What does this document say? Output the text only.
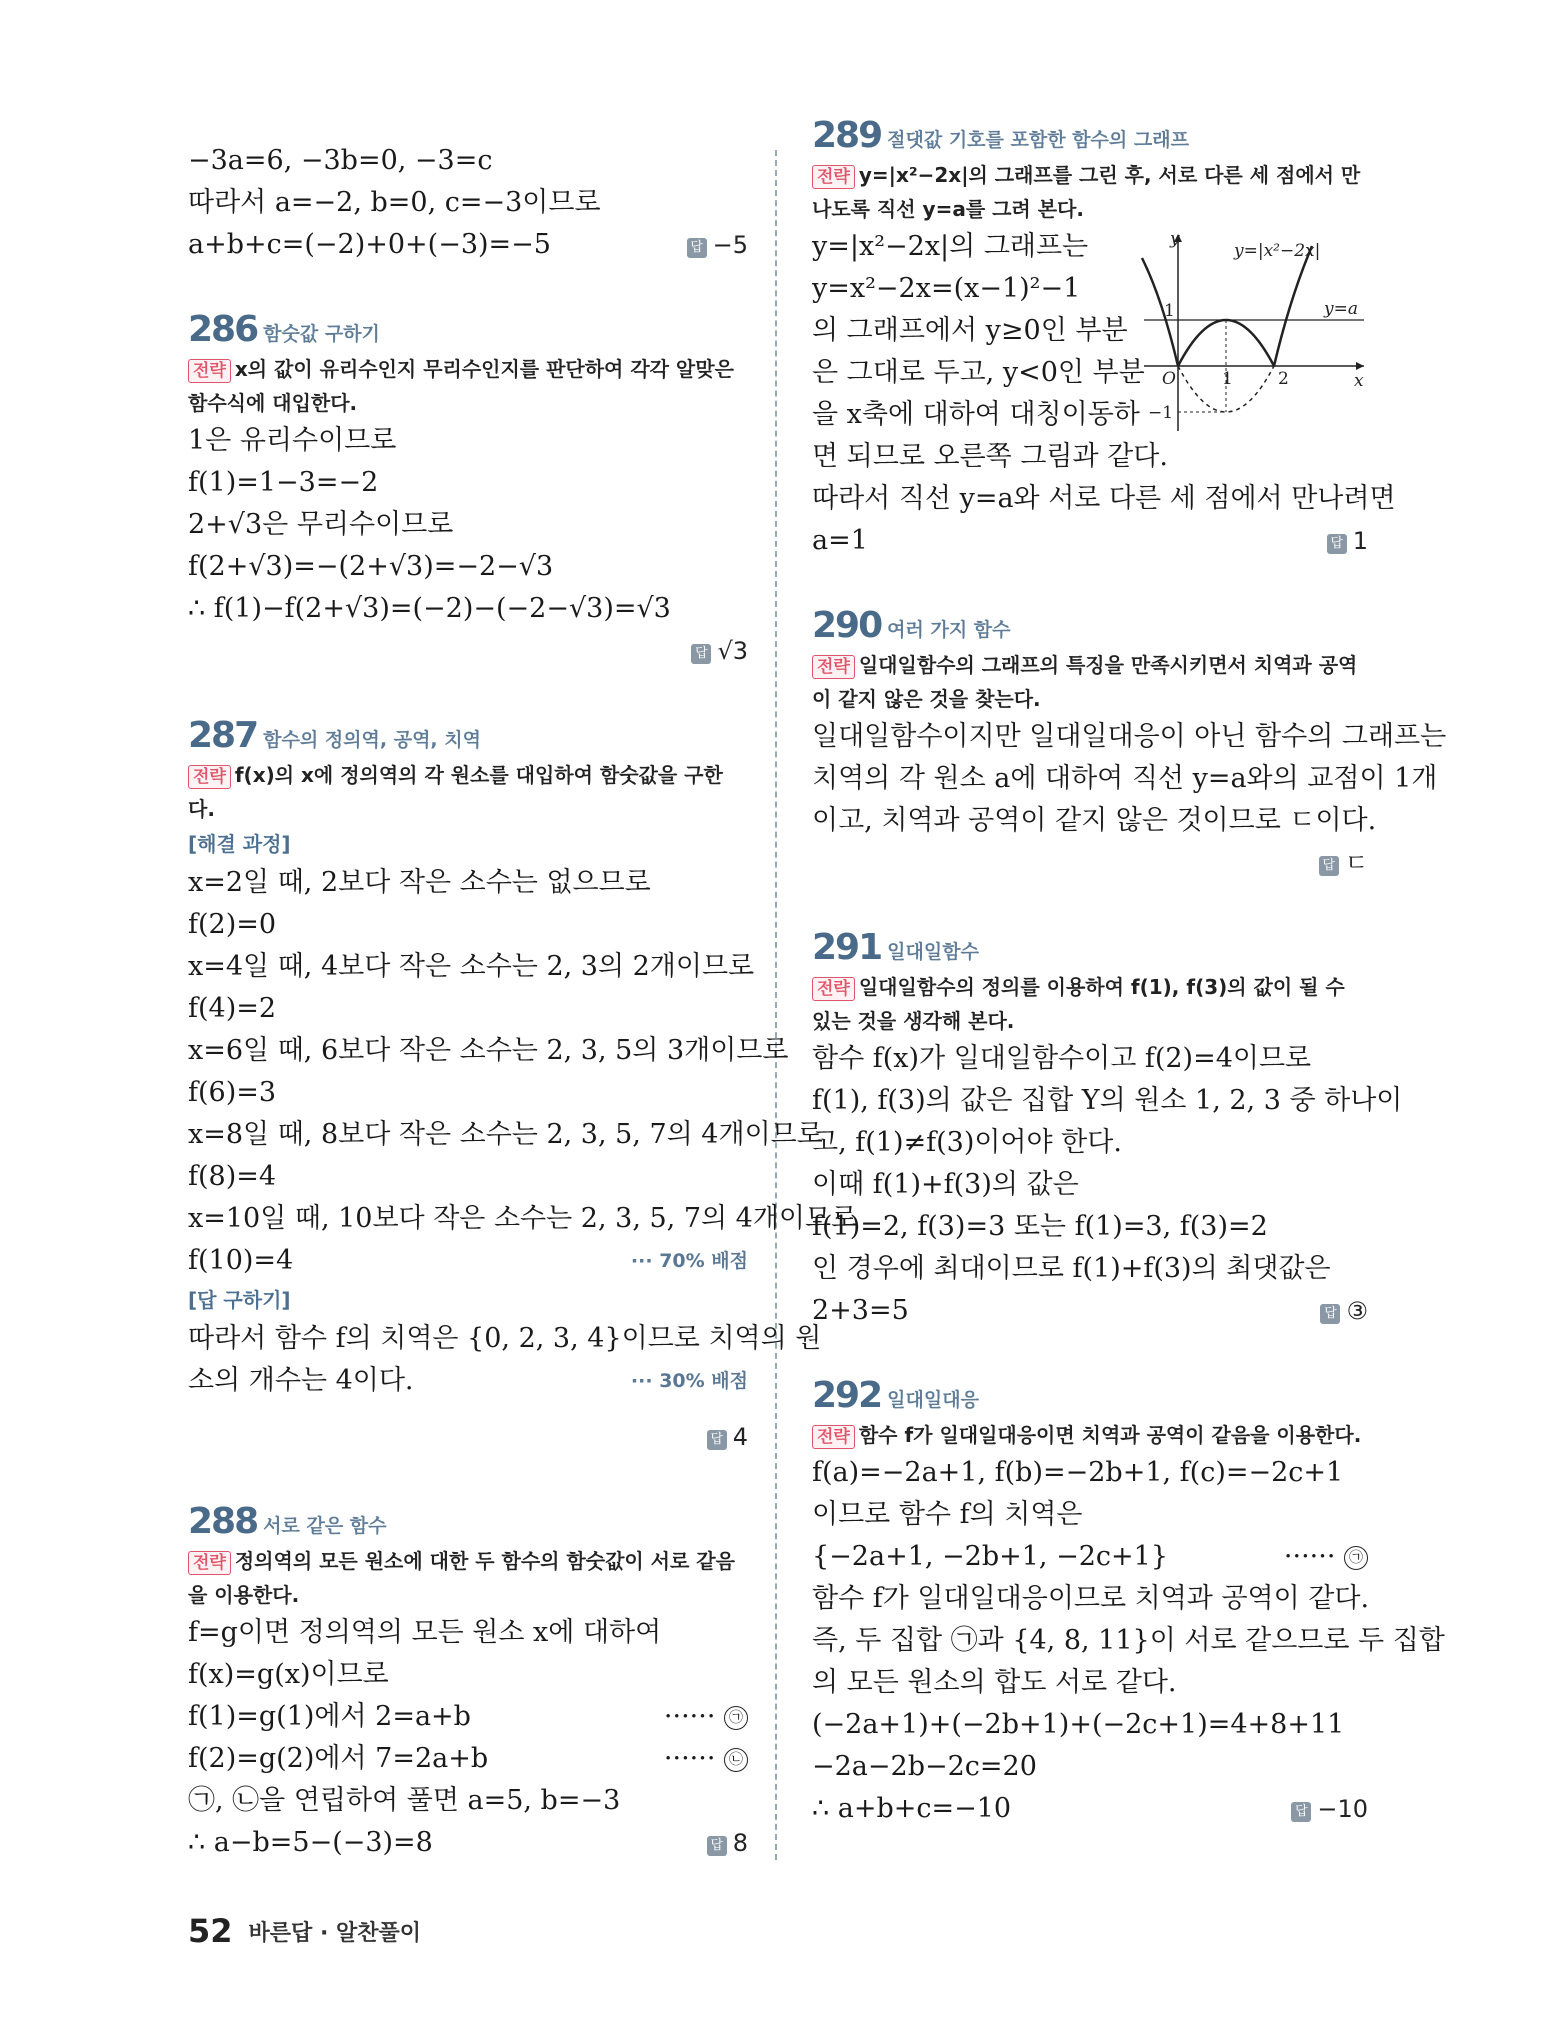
−3a=6, −3b=0, −3=c
따라서 a=−2, b=0, c=−3이므로
a+b+c=(−2)+0+(−3)=−5	답 −5
286 함숫값 구하기
전략 x의 값이 유리수인지 무리수인지를 판단하여 각각 알맞은 함수식에 대입한다.
1은 유리수이므로
f(1)=1−3=−2
2+√3은 무리수이므로
f(2+√3)=−(2+√3)=−2−√3
∴ f(1)−f(2+√3)=(−2)−(−2−√3)=√3
답 √3
287 함수의 정의역, 공역, 치역
전략 f(x)의 x에 정의역의 각 원소를 대입하여 함숫값을 구한다.
[해결 과정]
x=2일 때, 2보다 작은 소수는 없으므로
f(2)=0
x=4일 때, 4보다 작은 소수는 2, 3의 2개이므로
f(4)=2
x=6일 때, 6보다 작은 소수는 2, 3, 5의 3개이므로
f(6)=3
x=8일 때, 8보다 작은 소수는 2, 3, 5, 7의 4개이므로
f(8)=4
x=10일 때, 10보다 작은 소수는 2, 3, 5, 7의 4개이므로
f(10)=4	··· 70% 배점
[답 구하기]
따라서 함수 f의 치역은 {0, 2, 3, 4}이므로 치역의 원
소의 개수는 4이다.	··· 30% 배점
답 4
288 서로 같은 함수
전략 정의역의 모든 원소에 대한 두 함수의 함숫값이 서로 같음을 이용한다.
f=g이면 정의역의 모든 원소 x에 대하여
f(x)=g(x)이므로
f(1)=g(1)에서 2=a+b	······ ㉠
f(2)=g(2)에서 7=2a+b	······ ㉡
㉠, ㉡을 연립하여 풀면 a=5, b=−3
∴ a−b=5−(−3)=8	답 8
289 절댓값 기호를 포함한 함수의 그래프
전략 y=|x²−2x|의 그래프를 그린 후, 서로 다른 세 점에서 만나도록 직선 y=a를 그려 본다.
y=|x²−2x|의 그래프는
y=x²−2x=(x−1)²−1
의 그래프에서 y≥0인 부분
은 그대로 두고, y<0인 부분
을 x축에 대하여 대칭이동하
면 되므로 오른쪽 그림과 같다.
y
x
y=|x²−2x|
y=a
O	1	2
1
−1
따라서 직선 y=a와 서로 다른 세 점에서 만나려면
a=1	답 1
290 여러 가지 함수
전략 일대일함수의 그래프의 특징을 만족시키면서 치역과 공역이 같지 않은 것을 찾는다.
일대일함수이지만 일대일대응이 아닌 함수의 그래프는
치역의 각 원소 a에 대하여 직선 y=a와의 교점이 1개
이고, 치역과 공역이 같지 않은 것이므로 ㄷ이다.
답 ㄷ
291 일대일함수
전략 일대일함수의 정의를 이용하여 f(1), f(3)의 값이 될 수 있는 것을 생각해 본다.
함수 f(x)가 일대일함수이고 f(2)=4이므로
f(1), f(3)의 값은 집합 Y의 원소 1, 2, 3 중 하나이
고, f(1)≠f(3)이어야 한다.
이때 f(1)+f(3)의 값은
f(1)=2, f(3)=3 또는 f(1)=3, f(3)=2
인 경우에 최대이므로 f(1)+f(3)의 최댓값은
2+3=5	답 ③
292 일대일대응
전략 함수 f가 일대일대응이면 치역과 공역이 같음을 이용한다.
f(a)=−2a+1, f(b)=−2b+1, f(c)=−2c+1
이므로 함수 f의 치역은
{−2a+1, −2b+1, −2c+1}	······ ㉠
함수 f가 일대일대응이므로 치역과 공역이 같다.
즉, 두 집합 ㉠과 {4, 8, 11}이 서로 같으므로 두 집합
의 모든 원소의 합도 서로 같다.
(−2a+1)+(−2b+1)+(−2c+1)=4+8+11
−2a−2b−2c=20
∴ a+b+c=−10	답 −10
52 바른답 · 알찬풀이
